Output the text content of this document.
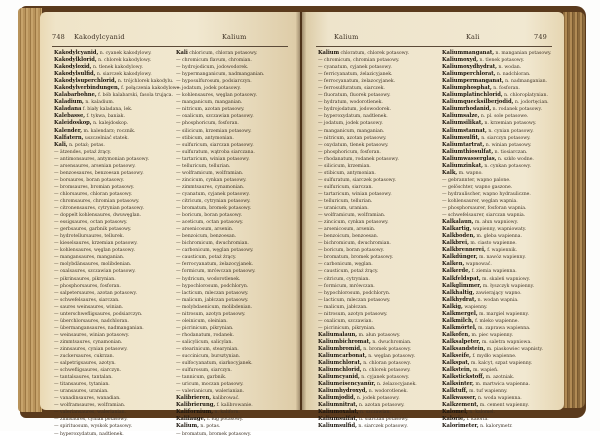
748 Kakodylcyanid	Kalium	Kalium	Kali	749
Kakodylcyanid, n. cyanek kakodylowy.
Kakodylklorid, n. chlorek kakodylowy.
Kakodyloxid, n. tlenek kakodylowy.
Kakodylsulfid, n. siarczek kakodylowy.
Kakodylsuperchlorid, n. trójchlorek kakodylu.
Kakodylverbindungen, f. połączenia kakodylowe.
Kalabarbohne, f. bób kalabarski, fasola trująca.
Kaladium, n. kaladium.
Kaladana f. biały kaladana, lek.
Kalebasse, f. tykwa, baniak.
Kaleidoskop, n. kalejdoskop.
Kalender, m. kalendarz; rocznik.
Kalfatern, uszczelniać statek.
Kali, n. potaż; potas.
— ätzendes, potaż żrący.
— antimonsaures, antymonian potasowy.
— arsensaures, arsenian potasowy.
— benzoesaures, benzoesan potasowy.
— borsaures, boran potasowy.
— bromsaures, bromian potasowy.
— chlorsaures, chloran potasowy.
— chromsaures, chromian potasowy.
— citronensaures, cytrynian potasowy.
— doppelt kohlensaures, dwuwęglan.
— essigsaures, octan potasowy.
— gerbsaures, garbnik potasowy.
— hydrotellursaures, tellurek.
— kieselsaures, krzemian potasowy.
— kohlensaures, węglan potasowy.
— mangansaures, manganian.
— molybdänsaures, molibdenian.
— oxalsaures, szczawian potasowy.
— pikrinsaures, pikrynian.
— phosphorsaures, fosforan.
— salpetersaures, azotan potasowy.
— schwefelsaures, siarczan.
— saures weinsaures, winian.
— unterschwefligsaures, podsiarczyn.
— überchlorsaures, nadchloran.
— übermangansaures, nadmanganian.
— weinsaures, winian potasowy.
— zimmtsaures, cynamonian.
— zinnsaures, cynian potasowy.
— zuckersaures, cukrzan.
— salpetrigsaures, azotyn.
— schwefligsaures, siarczyn.
— tantalsaures, tantalan.
— titansaures, tytanian.
— uransaures, uranian.
— vanadinsaures, wanadian.
— wolframsaures, wolframian.
— valeriansaures, walerianian.
— zinnsaures, cynian potasowy.
— spirituosum, wyskok potasowy.
— hyperoxydatum, nadtlenek.
Kali chloricum, chloran potasowy.
— chromicum flavum, chromian.
— hydrojodicum, jodowodorek.
— hypermanganicum, nadmanganian.
— hyposulfurosum, podsiarczyn.
— jodatum, jodek potasowy.
— kohlensaures, węglan potasowy.
— manganicum, manganian.
— nitricum, azotan potasowy.
— oxalicum, szczawian potasowy.
— phosphoricum, fosforan.
— silicicum, krzemian potasowy.
— stibicum, antymonian.
— sulfuricum, siarczan potasowy.
— sulfuratum, wątroba siarczana.
— tartaricum, winian potasowy.
— telluricum, tellurian.
— wolframicum, wolframian.
— zincicum, cynkan potasowy.
— zimmtsaures, cynamonian.
— cyanatum, cyjanek potasowy.
— citricum, cytrynian potasowy.
— bromatum, bromek potasowy.
— boricum, boran potasowy.
— aceticum, octan potasowy.
— arsenicosum, arsenin.
— benzoicum, benzoesan.
— bichromicum, dwuchromian.
— carbonicum, węglan potasowy.
— causticum, potaż żrący.
— ferrocyanatum, żelazocyjanek.
— formicum, mrówczan potasowy.
— hydricum, wodorotlenek.
— hypochlorosum, podchloryn.
— lacticum, mleczan potasowy.
— malicum, jabłczan potasowy.
— molybdaenicum, molibdenian.
— nitrosum, azotyn potasowy.
— oleinicum, oleinian.
— picrinicum, pikrynian.
— rhodanatum, rodanek.
— salicylicum, salicylan.
— stearinicum, stearynian.
— succinicum, bursztynian.
— sulfocyanatum, siarkocyjanek.
— sulfurosum, siarczyn.
— tannicum, garbnik.
— uricum, moczan potasowy.
— valerianicum, walerianian.
Kalibrieren, kalibrować.
Kalibrierung, f. kalibrowanie.
Kalifornium, n. kaliforn.
Kalilauge, f. ług potasowy.
Kalium, n. potas.
— bromatum, bromek potasowy.
Kalium chloratum, chlorek potasowy.
— chromicum, chromian potasowy.
— cyanatum, cyjanek potasowy.
— ferricyanatum, żelazicyjanek.
— ferrocyanatum, żelazocyjanek.
— ferrosulfuratum, siarczek.
— fluoratum, fluorek potasowy.
— hydratum, wodorotlenek.
— hydrojodatum, jodowodorek.
— hyperoxydatum, nadtlenek.
— jodatum, jodek potasowy.
— manganicum, manganian.
— nitricum, azotan potasowy.
— oxydatum, tlenek potasowy.
— phosphoricum, fosforan.
— rhodanatum, rodanek potasowy.
— silicicum, krzemian.
— stibicum, antymonian.
— sulfuratum, siarczek potasowy.
— sulfuricum, siarczan.
— tartaricum, winian potasowy.
— telluricum, tellurian.
— uranicum, uranian.
— wolframicum, wolframian.
— zincicum, cynkan potasowy.
— arsenicosum, arsenin.
— benzoicum, benzoesan.
— bichromicum, dwuchromian.
— boricum, boran potasowy.
— bromatum, bromek potasowy.
— carbonicum, węglan.
— causticum, potaż żrący.
— citricum, cytrynian.
— formicum, mrówczan.
— hypochlorosum, podchloryn.
— lacticum, mleczan potasowy.
— malicum, jabłczan.
— nitrosum, azotyn potasowy.
— oxalicum, szczawian.
— picrinicum, pikrynian.
Kaliumalaun, m. ałun potasowy.
Kaliumbichromat, n. dwuchromian.
Kaliumbromid, n. bromek potasowy.
Kaliumcarbonat, n. węglan potasowy.
Kaliumchlorat, n. chloran potasowy.
Kaliumchlorid, n. chlorek potasowy.
Kaliumcyanid, n. cyjanek potasowy.
Kaliumeisencyanür, n. żelazocyjanek.
Kaliumhydroxyd, n. wodorotlenek.
Kaliumjodid, n. jodek potasowy.
Kaliumnitrat, n. azotan potasowy.
Kaliumoxalat, n. szczawian.
Kaliumsulfat, n. siarczan potasowy.
Kaliumsulfid, n. siarczek potasowy.
Kaliummanganat, n. manganian potasowy.
Kaliumoxyd, n. tlenek potasowy.
Kaliumoxydhydrat, n. wodan.
Kaliumperchlorat, n. nadchloran.
Kaliumpermanganat, n. nadmanganian.
Kaliumphosphat, n. fosforan.
Kaliumplatinchlorid, n. chloroplatynian.
Kaliumquecksilberjodid, n. jodortęcian.
Kaliumrhodanid, n. rodanek potasowy.
Kaliumsalze, n. pl. sole potasowe.
Kaliumsilikat, n. krzemian potasowy.
Kaliumstannat, n. cynian potasowy.
Kaliumsulfit, n. siarczyn potasowy.
Kaliumtartrat, n. winian potasowy.
Kaliumthiosulfat, n. tiosiarczan.
Kaliumwasserglas, n. szkło wodne.
Kaliumzinkat, n. cynkan potasowy.
Kalk, m. wapno.
— gebrannter, wapno palone.
— gelöschter, wapno gaszone.
— hydraulischer, wapno hydrauliczne.
— kohlensaurer, węglan wapnia.
— phosphorsaurer, fosforan wapnia.
— schwefelsaurer, siarczan wapnia.
Kalkalaun, m. ałun wapniowy.
Kalkartig, wapienny, wapniowaty.
Kalkboden, m. gleba wapienna.
Kalkbrei, m. ciasto wapienne.
Kalkbrennerei, f. wapiennik.
Kalkdünger, m. nawóz wapienny.
Kalken, wapnować.
Kalkerde, f. ziemia wapienna.
Kalkfeldspat, m. skaleń wapniowy.
Kalkglimmer, m. łyszczyk wapienny.
Kalkhaltig, zawierający wapno.
Kalkhydrat, n. wodan wapnia.
Kalkig, wapienny.
Kalkmergel, m. margiel wapienny.
Kalkmilch, f. mleko wapienne.
Kalkmörtel, m. zaprawa wapienna.
Kalkofen, m. piec wapienny.
Kalksalpeter, m. saletra wapniowa.
Kalksandstein, m. piaskowiec wapnisty.
Kalkseife, f. mydło wapienne.
Kalkspat, m. kalcyt, szpat wapienny.
Kalkstein, m. wapień.
Kalkstickstoff, m. azotniak.
Kalksinter, m. martwica wapienna.
Kalktuff, m. tuf wapienny.
Kalkwasser, n. woda wapienna.
Kalkzement, m. cement wapienny.
Kalomel, n. kalomel.
Kalorie, f. kaloria.
Kalorimeter, n. kalorymetr.
